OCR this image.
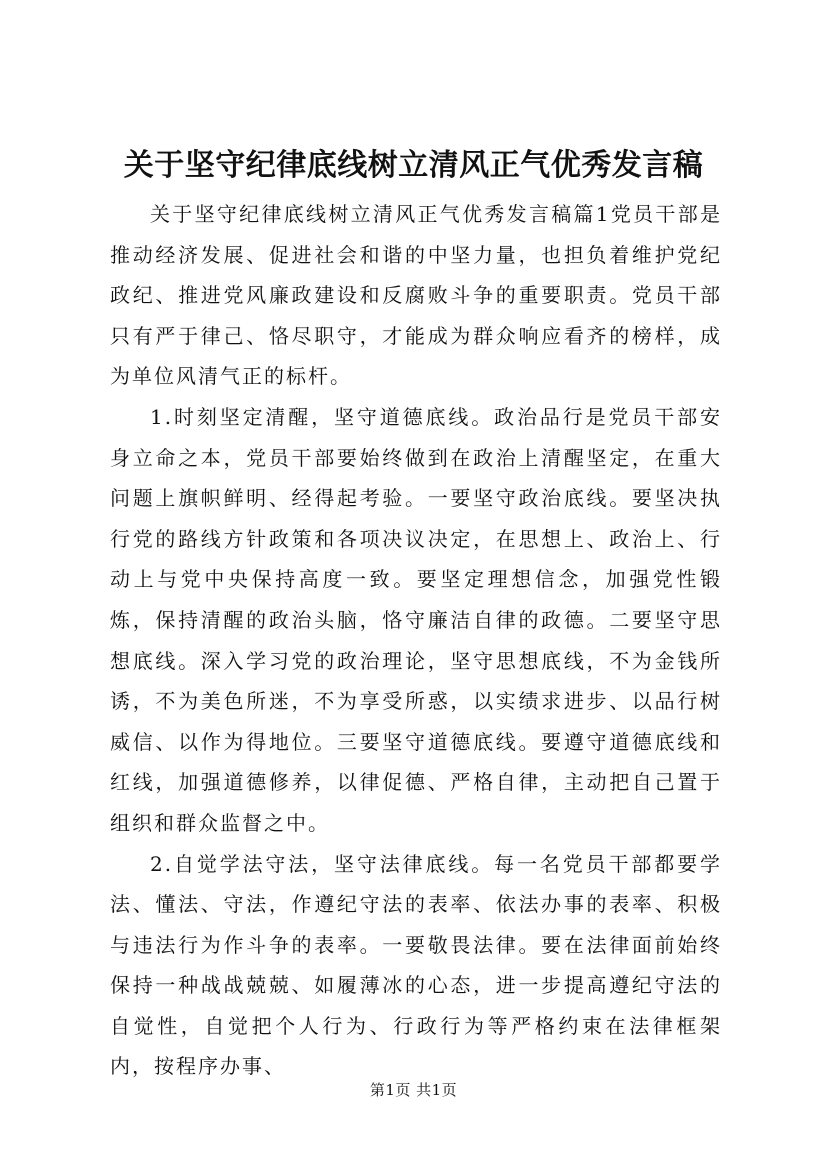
关于坚守纪律底线树立清风正气优秀发言稿

关于坚守纪律底线树立清风正气优秀发言稿篇1党员干部是推动经济发展、促进社会和谐的中坚力量，也担负着维护党纪政纪、推进党风廉政建设和反腐败斗争的重要职责。党员干部只有严于律己、恪尽职守，才能成为群众响应看齐的榜样，成为单位风清气正的标杆。

1.时刻坚定清醒，坚守道德底线。政治品行是党员干部安身立命之本，党员干部要始终做到在政治上清醒坚定，在重大问题上旗帜鲜明、经得起考验。一要坚守政治底线。要坚决执行党的路线方针政策和各项决议决定，在思想上、政治上、行动上与党中央保持高度一致。要坚定理想信念，加强党性锻炼，保持清醒的政治头脑，恪守廉洁自律的政德。二要坚守思想底线。深入学习党的政治理论，坚守思想底线，不为金钱所诱，不为美色所迷，不为享受所惑，以实绩求进步、以品行树威信、以作为得地位。三要坚守道德底线。要遵守道德底线和红线，加强道德修养，以律促德、严格自律，主动把自己置于组织和群众监督之中。

2.自觉学法守法，坚守法律底线。每一名党员干部都要学法、懂法、守法，作遵纪守法的表率、依法办事的表率、积极与违法行为作斗争的表率。一要敬畏法律。要在法律面前始终保持一种战战兢兢、如履薄冰的心态，进一步提高遵纪守法的自觉性，自觉把个人行为、行政行为等严格约束在法律框架内，按程序办事、

第1页 共1页
